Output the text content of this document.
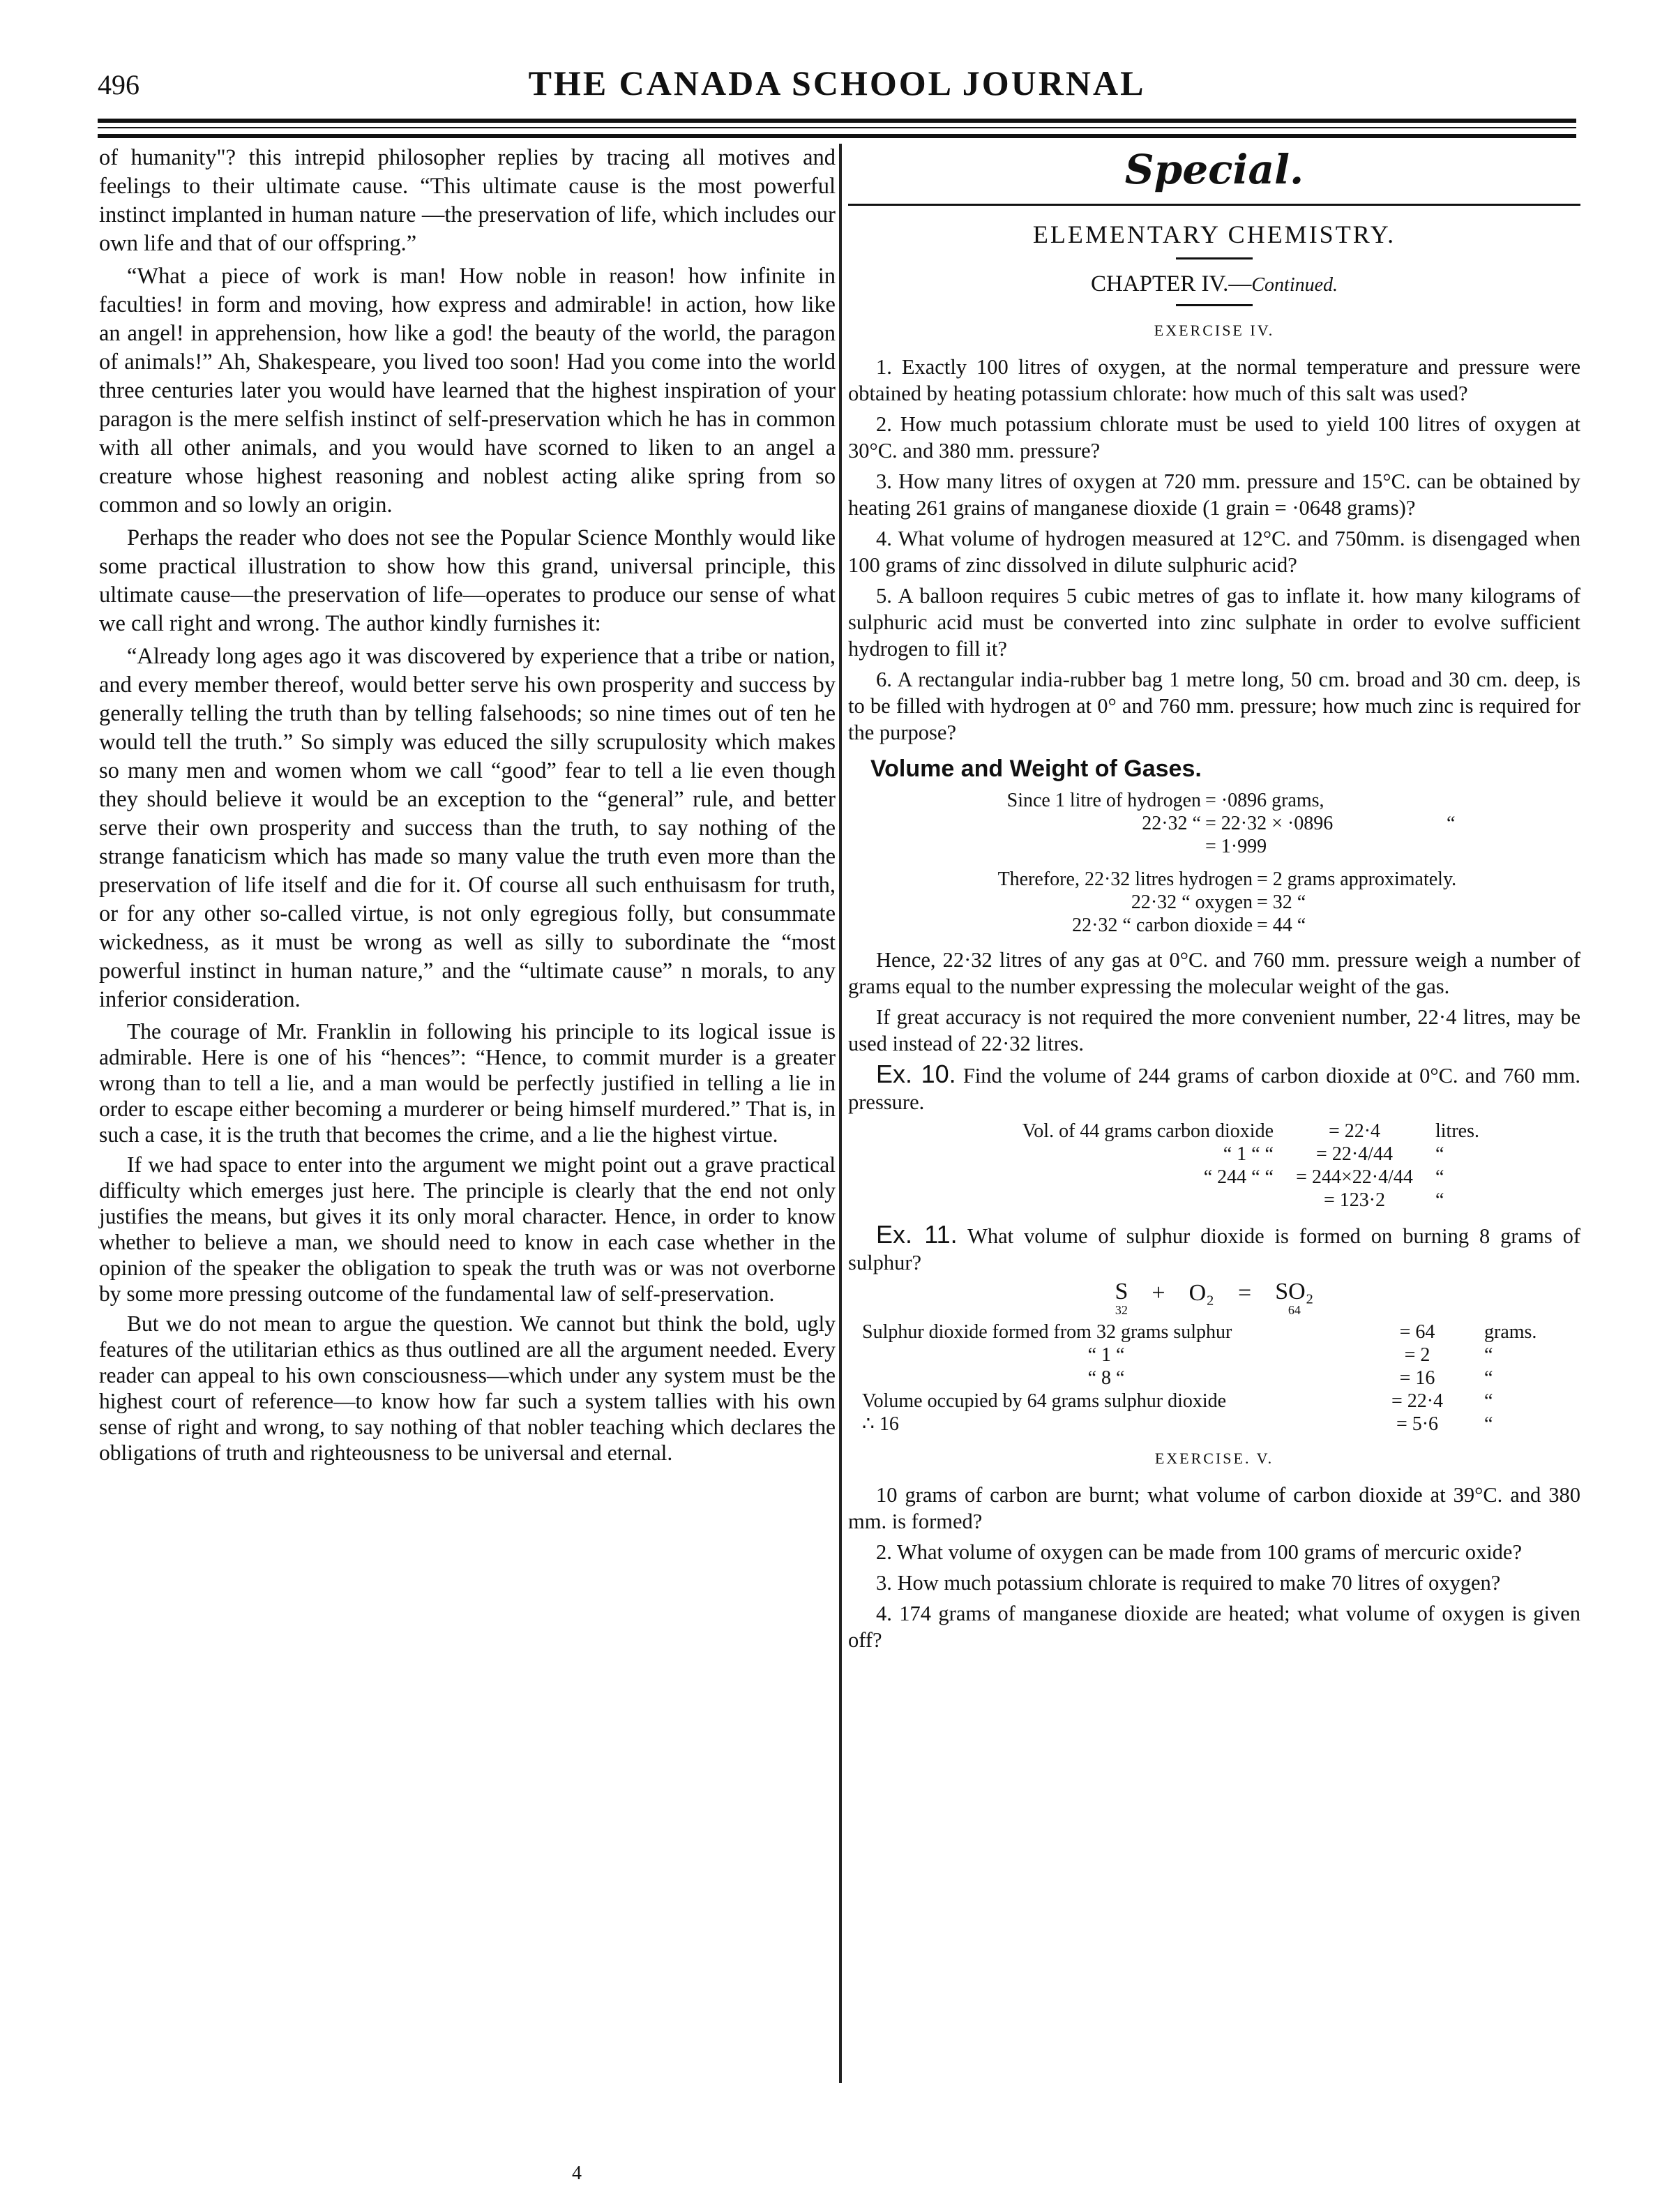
496	THE CANADA SCHOOL JOURNAL

of humanity"? this intrepid philosopher replies by tracing all motives and feelings to their ultimate cause. “This ultimate cause is the most powerful instinct implanted in human nature —the preservation of life, which includes our own life and that of our offspring.”

“What a piece of work is man! How noble in reason! how infinite in faculties! in form and moving, how express and admirable! in action, how like an angel! in apprehension, how like a god! the beauty of the world, the paragon of animals!” Ah, Shakespeare, you lived too soon! Had you come into the world three centuries later you would have learned that the highest inspiration of your paragon is the mere selfish instinct of self-preservation which he has in common with all other animals, and you would have scorned to liken to an angel a creature whose highest reasoning and noblest acting alike spring from so common and so lowly an origin.

Perhaps the reader who does not see the Popular Science Monthly would like some practical illustration to show how this grand, universal principle, this ultimate cause—the preservation of life—operates to produce our sense of what we call right and wrong. The author kindly furnishes it:

“Already long ages ago it was discovered by experience that a tribe or nation, and every member thereof, would better serve his own prosperity and success by generally telling the truth than by telling falsehoods; so nine times out of ten he would tell the truth.” So simply was educed the silly scrupulosity which makes so many men and women whom we call “good” fear to tell a lie even though they should believe it would be an exception to the “general” rule, and better serve their own prosperity and success than the truth, to say nothing of the strange fanaticism which has made so many value the truth even more than the preservation of life itself and die for it. Of course all such enthuisasm for truth, or for any other so-called virtue, is not only egregious folly, but consummate wickedness, as it must be wrong as well as silly to subordinate the “most powerful instinct in human nature,” and the “ultimate cause” n morals, to any inferior consideration.

The courage of Mr. Franklin in following his principle to its logical issue is admirable. Here is one of his “hences”: “Hence, to commit murder is a greater wrong than to tell a lie, and a man would be perfectly justified in telling a lie in order to escape either becoming a murderer or being himself murdered.” That is, in such a case, it is the truth that becomes the crime, and a lie the highest virtue.

If we had space to enter into the argument we might point out a grave practical difficulty which emerges just here. The principle is clearly that the end not only justifies the means, but gives it its only moral character. Hence, in order to know whether to believe a man, we should need to know in each case whether in the opinion of the speaker the obligation to speak the truth was or was not overborne by some more pressing outcome of the fundamental law of self-preservation.

But we do not mean to argue the question. We cannot but think the bold, ugly features of the utilitarian ethics as thus outlined are all the argument needed. Every reader can appeal to his own consciousness—which under any system must be the highest court of reference—to know how far such a system tallies with his own sense of right and wrong, to say nothing of that nobler teaching which declares the obligations of truth and righteousness to be universal and eternal.

Special.
ELEMENTARY CHEMISTRY.
CHAPTER IV.—Continued.
EXERCISE IV.

1. Exactly 100 litres of oxygen, at the normal temperature and pressure were obtained by heating potassium chlorate: how much of this salt was used?

2. How much potassium chlorate must be used to yield 100 litres of oxygen at 30°C. and 380 mm. pressure?

3. How many litres of oxygen at 720 mm. pressure and 15°C. can be obtained by heating 261 grains of manganese dioxide (1 grain = ·0648 grams)?

4. What volume of hydrogen measured at 12°C. and 750mm. is disengaged when 100 grams of zinc dissolved in dilute sulphuric acid?

5. A balloon requires 5 cubic metres of gas to inflate it. how many kilograms of sulphuric acid must be converted into zinc sulphate in order to evolve sufficient hydrogen to fill it?

6. A rectangular india-rubber bag 1 metre long, 50 cm. broad and 30 cm. deep, is to be filled with hydrogen at 0° and 760 mm. pressure; how much zinc is required for the purpose?

Volume and Weight of Gases.
Since 1 litre of hydrogen = ·0896 grams,
22·32 “ = 22·32 × ·0896	“
= 1·999
Therefore, 22·32 litres hydrogen = 2 grams approximately.
22·32 “ oxygen = 32 “
22·32 “ carbon dioxide = 44 “

Hence, 22·32 litres of any gas at 0°C. and 760 mm. pressure weigh a number of grams equal to the number expressing the molecular weight of the gas.

If great accuracy is not required the more convenient number, 22·4 litres, may be used instead of 22·32 litres.

Ex. 10. Find the volume of 244 grams of carbon dioxide at 0°C. and 760 mm. pressure.

Vol. of 44 grams carbon dioxide	= 22·4	litres.
“ 1 “ “	= 22·4/44	“
“ 244 “ “	= 244×22·4/44	“
= 123·2	“

Ex. 11. What volume of sulphur dioxide is formed on burning 8 grams of sulphur?

S
32
+ O₂ = SO₂
64
Sulphur dioxide formed from 32 grams sulphur	= 64	grams.
“ 1 “	= 2	“
“ 8 “	= 16	“
Volume occupied by 64 grams sulphur dioxide	= 22·4	“
∴ 16	= 5·6	“
EXERCISE. V.

10 grams of carbon are burnt; what volume of carbon dioxide at 39°C. and 380 mm. is formed?

2. What volume of oxygen can be made from 100 grams of mercuric oxide?

3. How much potassium chlorate is required to make 70 litres of oxygen?

4. 174 grams of manganese dioxide are heated; what volume of oxygen is given off?

4
